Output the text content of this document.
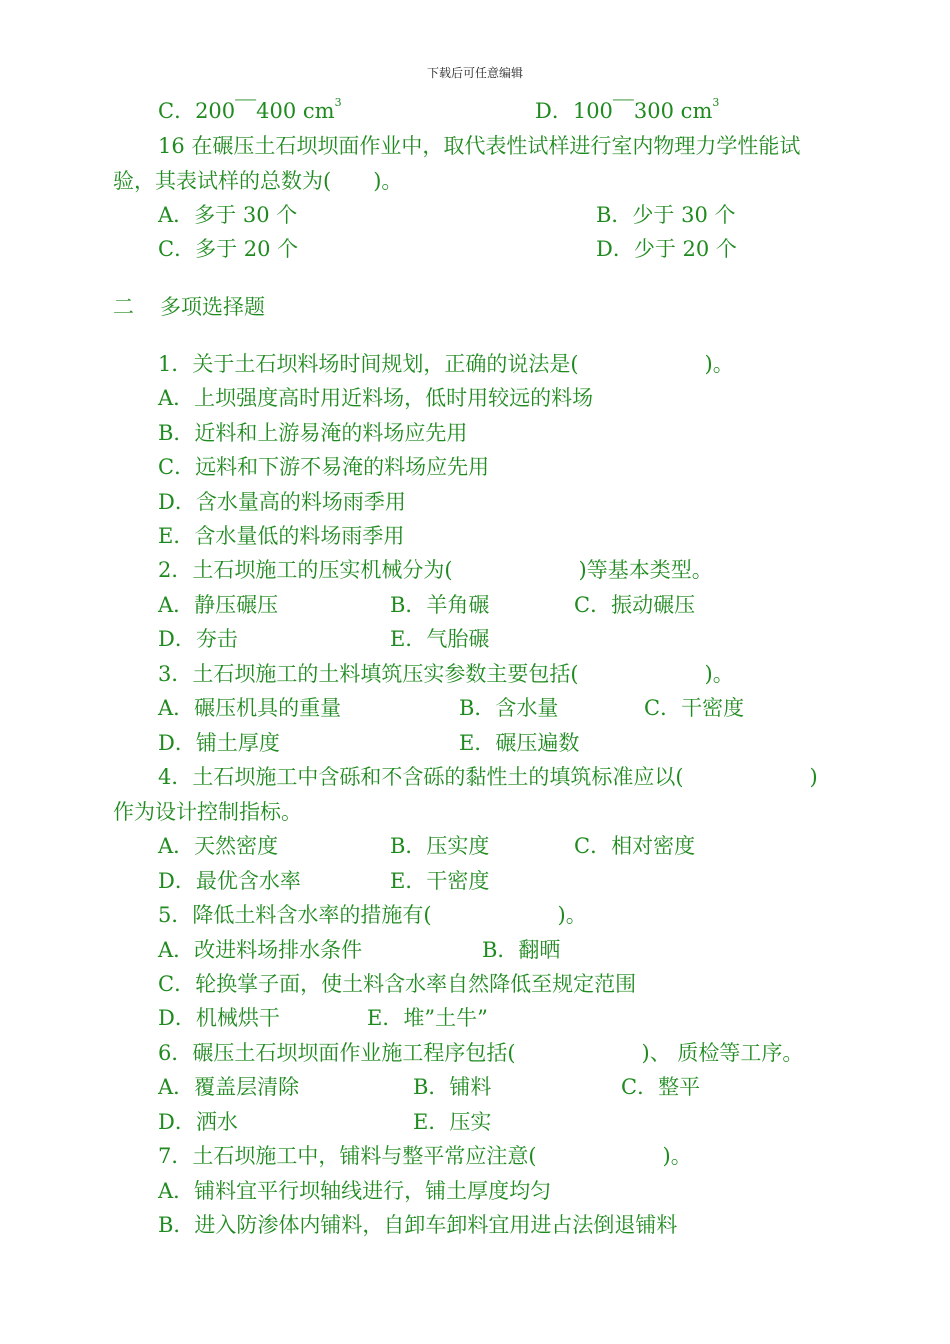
下载后可任意编辑
C．200￣400 $cm^3$	D．100￣300 $cm^3$
16 在碾压土石坝坝面作业中，取代表性试样进行室内物理力学性能试
验，其表试样的总数为(　　)。
A．多于 30 个	B．少于 30 个
C．多于 20 个	D．少于 20 个
二 多项选择题
1．关于土石坝料场时间规划，正确的说法是(　　　　　　)。
A．上坝强度高时用近料场，低时用较远的料场
B．近料和上游易淹的料场应先用
C．远料和下游不易淹的料场应先用
D．含水量高的料场雨季用
E．含水量低的料场雨季用
2．土石坝施工的压实机械分为(　　　　　　)等基本类型。
A．静压碾压	B．羊角碾	C．振动碾压
D．夯击	E．气胎碾
3．土石坝施工的土料填筑压实参数主要包括(　　　　　　)。
A．碾压机具的重量	B．含水量	C．干密度
D．铺土厚度	E．碾压遍数
4．土石坝施工中含砾和不含砾的黏性土的填筑标准应以(　　　　　　)
作为设计控制指标。
A．天然密度	B．压实度	C．相对密度
D．最优含水率	E．干密度
5．降低土料含水率的措施有(　　　　　　)。
A．改进料场排水条件	B．翻晒
C．轮换掌子面，使土料含水率自然降低至规定范围
D．机械烘干	E．堆”土牛”
6．碾压土石坝坝面作业施工程序包括(　　　　　　)、 质检等工序。
A．覆盖层清除	B．铺料	C．整平
D．洒水	E．压实
7．土石坝施工中，铺料与整平常应注意(　　　　　　)。
A．铺料宜平行坝轴线进行，铺土厚度均匀
B．进入防渗体内铺料，自卸车卸料宜用进占法倒退铺料
